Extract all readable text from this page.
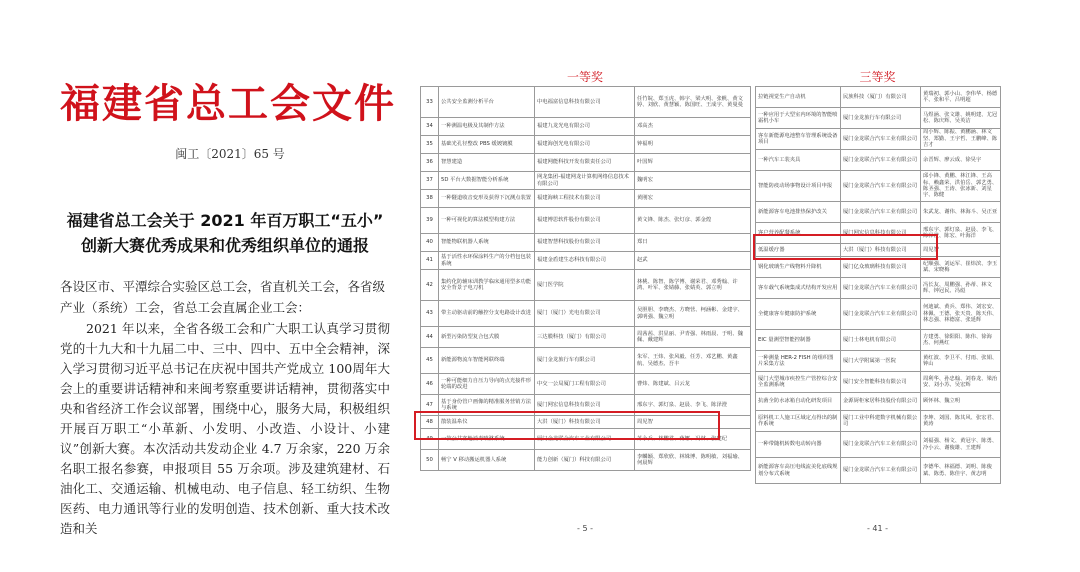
福建省总工会文件
闽工〔2021〕65 号
福建省总工会关于 2021 年百万职工“五小”
创新大赛优秀成果和优秀组织单位的通报
各设区市、平潭综合实验区总工会，省直机关工会，各省级产业（系统）工会，省总工会直属企业工会：
2021 年以来，全省各级工会和广大职工认真学习贯彻党的十九大和十九届二中、三中、四中、五中全会精神，深入学习贯彻习近平总书记在庆祝中国共产党成立 100周年大会上的重要讲话精神和来闽考察重要讲话精神，贯彻落实中央和省经济工作会议部署，围绕中心，服务大局，积极组织开展百万职工“小革新、小发明、小改造、小设计、小建议”创新大赛。本次活动共发动企业 4.7 万余家，220 万余名职工报名参赛，申报项目 55 万余项。涉及建筑建材、石油化工、交通运输、机械电动、电子信息、轻工纺织、生物医药、电力通讯等行业的发明创造、技术创新、重大技术改造和关
一等奖
33	公共安全监测分析平台	中电福富信息科技有限公司	任竹皖、郑玉虎、韩宇、梁大明、张帆、黄文婷、刘欣、黄慧颖、陈国旺、王成宇、黄曼曼
34	一种测温电极及其制作方法	福建九龙光电有限公司	邓高杰
35	基础光孔径整改 PBS 缓镀镀膜	福建海创光电有限公司	钟福明
36	智慧建造	福建网能科技开发有限责任公司	叶国辉
37	5D 平台大数据智能分析系统	网龙集团-福建网龙计算机网络信息技术有限公司	魏明宏
38	一种隧道收音变形及获得下沉测点装置	福建海峡工程技术有限公司	黄刚宏
39	一种可视化的算法模型构建方法	福建博思软件股份有限公司	黄文锋、陈杰、张灯彦、郭金煌
40	智能物联机器人系统	福建智慧科技股份有限公司	郑日
41	基于活性水环保涂料生产的分档包包装系统	福建金盾建生态科技有限公司	赵武
42	集约化防辅床训教学临床通用型多功能安全背景子电刀机	厦门医学院	林桃、陈智、陈学博、谢荣君、邓秀翰、许鸿、叶军、张婧藤、张婧英、郭立明
43	带主动驱动前的触控分支电路设计改进	厦门（厦门）光电有限公司	吴胆胆、李晓杰、方晓营、柯涵彬、金建宇、郭明强、魏立明
44	新型污染防型复合包式膜	三达膜科技（厦门）有限公司	周茜茜、洪显丽、尹青强、林雨晨、于明、魏佩、戴建辉
45	新能源物流车智能网联终端	厦门金龙旅行车有限公司	朱军、王炜、张风毅、任芳、邓艺鹏、黄鑫航、吴德杰、吾丰
46	一种可能细力自压力导向的点光接件形轮端的改进	中交一公局厦门工程有限公司	曹炜、陈建斌、吕云龙
47	基于身份管户画像的精准服务营销方法与系统	厦门网宏信息科技有限公司	邢东宇、郭灯泉、赵晨、李飞、陈泽澄
48	散装温糸仪	大洪（厦门）科技有限公司	周见智
49	一款公共客舱消毒喷淋系统	厦门金龙联合汽车工业有限公司	苏永兵、林鹏君、蒋娜、冯林、张建纪
50	畅宁 V 移动搬运机器人系统	能力创新（厦门）科技有限公司	李麟颖、郑欣欣、林姝博、陈明敏、刘福瑜、何晨辉
- 5 -
三等奖
拉链视觉生产自动机	民族科技（厦门）有限公司	黄瑞初、郭小山、李伟华、杨德平、张和平、吕明超
一种应用于大型室内环境的智能喷霜机小车	厦门金龙旅行车有限公司	马煜涵、张文雄、姚明建、尤冠松、陈庆辉、吴英洁
客车新能源电池整车管理系统设备项目	厦门金龙联合汽车工业有限公司	周小辉、陈振、黄鹏涵、林文坚、郑勤、王宇哲、王鹏峰、陈吉才
一种汽车工装夹具	厦门金龙联合汽车工业有限公司	余晋辉、廖云成、徐昊宇
智能防疫动场事物设计项目申报	厦门金龙联合汽车工业有限公司	邱小锋、黄鹏、林江锋、王高标、赖鑫荣、洪伯岳、郭艺勇、陈圣强、王涛、张冰新、刘星宇、陈健
新能源客车电池排热保护改关	厦门金龙联合汽车工业有限公司	朱武龙、谢伟、林海斗、吴正亚
客户营养配餐系统	厦门网宏信息科技有限公司	邢东宇、郭灯泉、赵晨、李飞、陈泽澄、陈宏、叶海洋
低温缓疗器	大洪（厦门）科技有限公司	周见智
钢化玻璃生产线物料升降机	厦门亿众玻璃科技有限公司	纪顺强、刘运军、崔炜滨、李玉斌、宋晓梅
客车载气系统集成式结构开发应用	厦门金龙联合汽车工业有限公司	冯长友、周鹏强、孙蒂、林文辉、钟冠民、冯彪
全健康客车健康防护系统	厦门金龙联合汽车工业有限公司	何迪斌、黄兵、郑伟、刘宏安、林佩、王德、张天贵、陈天伟、林志强、林德富、张延辉
EIC 量测型智能控制器	厦门士林电机有限公司	方建勇、徐阳阳、陈伟、徐海杰、何燕红
一种测量 HER-2 FISH 的组织图片采集方法	厦门大学附属第一医院	黄红波、李卫平、付雨、张娟、钟山
厦门大型城市疾控生产管控综合安全监测系统	厦门安全智能科技有限公司	周利华、孙忠翰、刘春龙、梁治安、刘小苏、吴宏辉
抗菌全防水冰箱自动化研发项目	金源厨柜家居科技股份有限公司	顾怀林、魏立明
原料机工人施工区域定点得出的制作系统	厦门工业中科建数字机械有限公司	李坤、刘国、陈其风、张宏君、黄涛
一种带随机转数电动转向器	厦门金龙联合汽车工业有限公司	刘福强、杨文、黄冠宇、陈勇、冷小云、谢俊雄、王建辉
新能源客车高压电线流美化底线规划分布式系统	厦门金龙联合汽车工业有限公司	李德华、林福德、刘明、陈俊斌、陈勇、陈佳宇、黄志明
- 41 -
